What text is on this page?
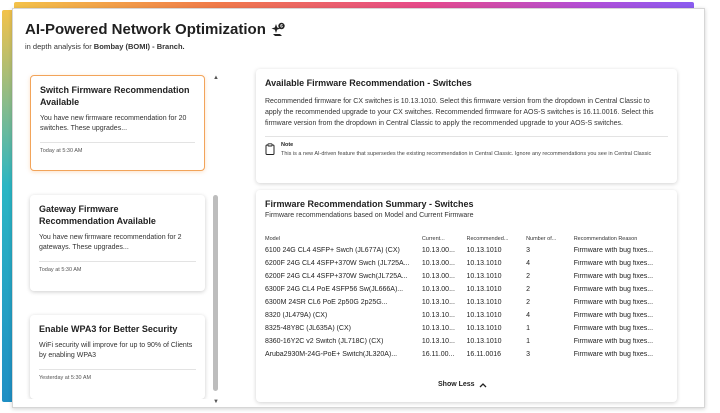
AI-Powered Network Optimization	6
in depth analysis for Bombay (BOMI) - Branch.
Switch Firmware Recommendation Available
You have new firmware recommendation for 20 switches. These upgrades...
Today at 5:30 AM
Gateway Firmware Recommendation Available
You have new firmware recommendation for 2 gateways. These upgrades...
Today at 5:30 AM
Enable WPA3 for Better Security
WiFi security will improve for up to 90% of Clients by enabling WPA3
Yesterday at 5:30 AM
▲
▼
Available Firmware Recommendation - Switches
Recommended firmware for CX switches is 10.13.1010. Select this firmware version from the dropdown in Central Classic to apply the recommended upgrade to your CX switches. Recommended firmware for AOS-S switches is 16.11.0016. Select this firmware version from the dropdown in Central Classic to apply the recommended upgrade to your AOS-S switches.
Note
This is a new AI-driven feature that supersedes the existing recommendation in Central Classic. Ignore any recommendations you see in Central Classic
Firmware Recommendation Summary - Switches
Firmware recommendations based on Model and Current Firmware
Model	Current...	Recommended...	Number of...	Recommendation Reason
6100 24G CL4 4SFP+ Swch (JL677A) (CX)	10.13.00...	10.13.1010	3	Firmware with bug fixes...
6200F 24G CL4 4SFP+370W Swch (JL725A...	10.13.00...	10.13.1010	4	Firmware with bug fixes...
6200F 24G CL4 4SFP+370W Swch(JL725A...	10.13.00...	10.13.1010	2	Firmware with bug fixes...
6300F 24G CL4 PoE 4SFP56 Sw(JL666A)...	10.13.00...	10.13.1010	2	Firmware with bug fixes...
6300M 24SR CL6 PoE 2p50G 2p25G...	10.13.10...	10.13.1010	2	Firmware with bug fixes...
8320 (JL479A) (CX)	10.13.10...	10.13.1010	4	Firmware with bug fixes...
8325-48Y8C (JL635A) (CX)	10.13.10...	10.13.1010	1	Firmware with bug fixes...
8360-16Y2C v2 Switch (JL718C) (CX)	10.13.10...	10.13.1010	1	Firmware with bug fixes...
Aruba2930M-24G-PoE+ Switch(JL320A)...	16.11.00...	16.11.0016	3	Firmware with bug fixes...
Show Less
